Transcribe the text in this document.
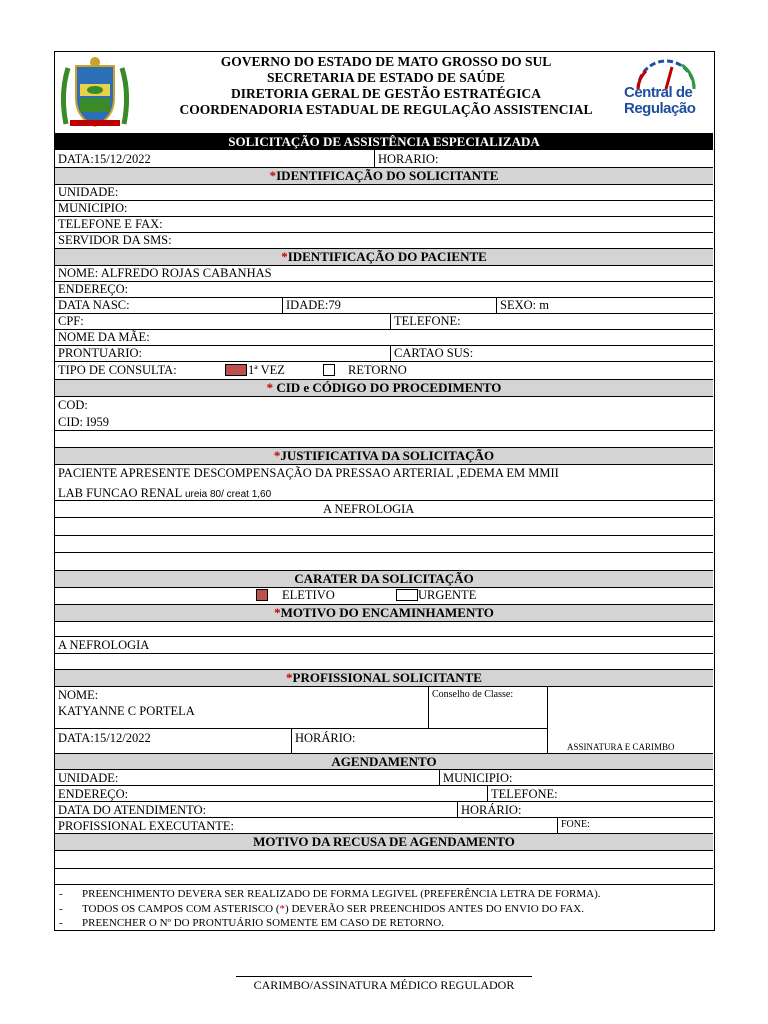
Central de
Regulação
GOVERNO DO ESTADO DE MATO GROSSO DO SUL
SECRETARIA DE ESTADO DE SAÚDE
DIRETORIA GERAL DE GESTÃO ESTRATÉGICA
COORDENADORIA ESTADUAL DE REGULAÇÃO ASSISTENCIAL
SOLICITAÇÃO DE ASSISTÊNCIA ESPECIALIZADA
DATA:15/12/2022	HORARIO:
*IDENTIFICAÇÃO DO SOLICITANTE
UNIDADE:
MUNICIPIO:
TELEFONE E FAX:
SERVIDOR DA SMS:
*IDENTIFICAÇÃO DO PACIENTE
NOME: ALFREDO ROJAS CABANHAS
ENDEREÇO:
DATA NASC:	IDADE:79	SEXO: m
CPF:	TELEFONE:
NOME DA MÃE:
PRONTUARIO:	CARTAO SUS:
TIPO DE CONSULTA:	1ª VEZ	RETORNO
* CID e CÓDIGO DO PROCEDIMENTO
COD:
CID: I959
*JUSTIFICATIVA DA SOLICITAÇÃO
PACIENTE APRESENTE DESCOMPENSAÇÃO DA PRESSAO ARTERIAL ,EDEMA EM MMII
LAB FUNCAO RENAL ureia 80/ creat 1,60
A NEFROLOGIA
CARATER DA SOLICITAÇÃO
ELETIVO	URGENTE
*MOTIVO DO ENCAMINHAMENTO
A NEFROLOGIA
*PROFISSIONAL SOLICITANTE
NOME:
KATYANNE C PORTELA
Conselho de Classe:
DATA:15/12/2022	HORÁRIO:
ASSINATURA E CARIMBO
AGENDAMENTO
UNIDADE:	MUNICIPIO:
ENDEREÇO:	TELEFONE:
DATA DO ATENDIMENTO:	HORÁRIO:
PROFISSIONAL EXECUTANTE:	FONE:
MOTIVO DA RECUSA DE AGENDAMENTO
- PREENCHIMENTO DEVERA SER REALIZADO DE FORMA LEGIVEL (PREFERÊNCIA LETRA DE FORMA).
- TODOS OS CAMPOS COM ASTERISCO (*) DEVERÃO SER PREENCHIDOS ANTES DO ENVIO DO FAX.
- PREENCHER O Nº DO PRONTUÁRIO SOMENTE EM CASO DE RETORNO.
CARIMBO/ASSINATURA MÉDICO REGULADOR
